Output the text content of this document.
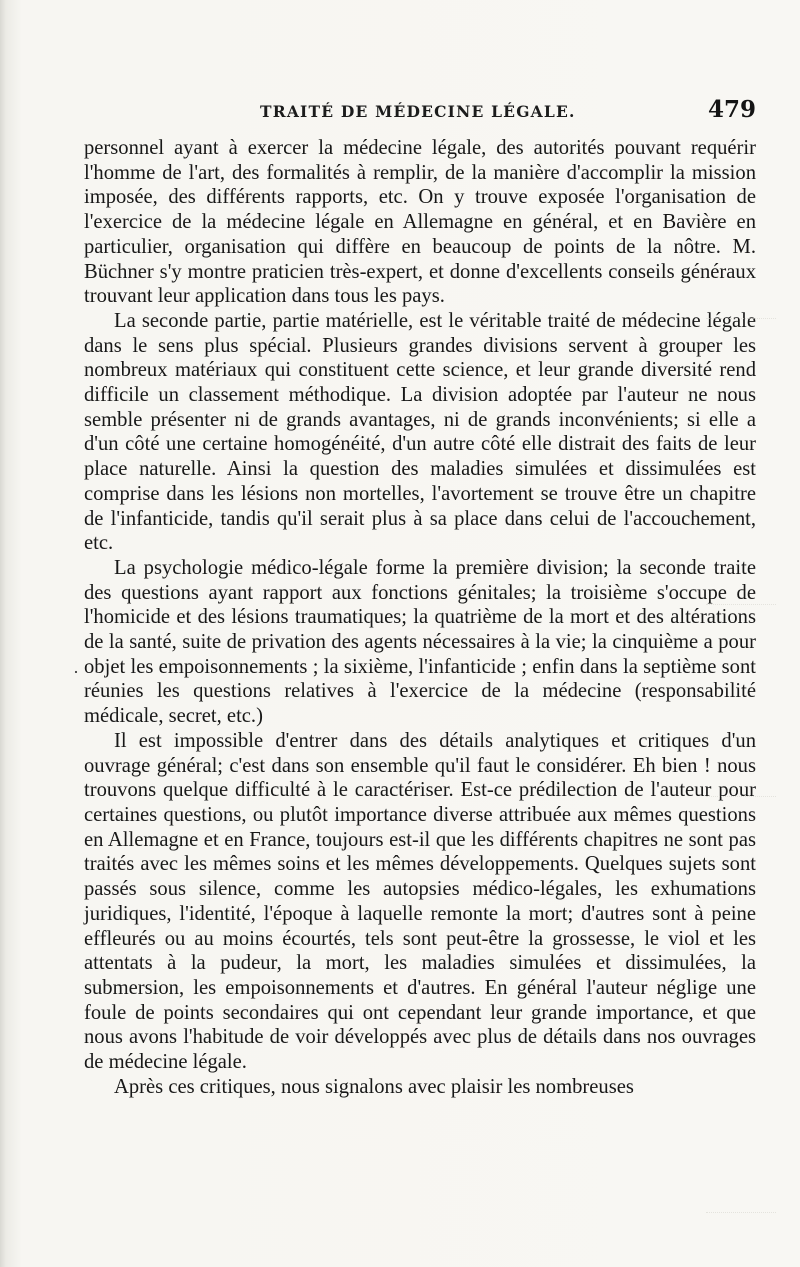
TRAITÉ DE MÉDECINE LÉGALE.	479
·

personnel ayant à exercer la médecine légale, des autorités pouvant requérir l'homme de l'art, des formalités à remplir, de la manière d'accomplir la mission imposée, des différents rapports, etc. On y trouve exposée l'organisation de l'exercice de la médecine légale en Allemagne en général, et en Bavière en particulier, organisation qui diffère en beaucoup de points de la nôtre. M. Büchner s'y montre praticien très-expert, et donne d'excellents conseils généraux trouvant leur application dans tous les pays.

La seconde partie, partie matérielle, est le véritable traité de médecine légale dans le sens plus spécial. Plusieurs grandes divisions servent à grouper les nombreux matériaux qui constituent cette science, et leur grande diversité rend difficile un classement méthodique. La division adoptée par l'auteur ne nous semble présenter ni de grands avantages, ni de grands inconvénients; si elle a d'un côté une certaine homogénéité, d'un autre côté elle distrait des faits de leur place naturelle. Ainsi la question des maladies simulées et dissimulées est comprise dans les lésions non mortelles, l'avortement se trouve être un chapitre de l'infanticide, tandis qu'il serait plus à sa place dans celui de l'accouchement, etc.

La psychologie médico-légale forme la première division; la seconde traite des questions ayant rapport aux fonctions génitales; la troisième s'occupe de l'homicide et des lésions traumatiques; la quatrième de la mort et des altérations de la santé, suite de privation des agents nécessaires à la vie; la cinquième a pour objet les empoisonnements ; la sixième, l'infanticide ; enfin dans la septième sont réunies les questions relatives à l'exercice de la médecine (responsabilité médicale, secret, etc.)

Il est impossible d'entrer dans des détails analytiques et critiques d'un ouvrage général; c'est dans son ensemble qu'il faut le considérer. Eh bien ! nous trouvons quelque difficulté à le caractériser. Est-ce prédilection de l'auteur pour certaines questions, ou plutôt importance diverse attribuée aux mêmes questions en Allemagne et en France, toujours est-il que les différents chapitres ne sont pas traités avec les mêmes soins et les mêmes développements. Quelques sujets sont passés sous silence, comme les autopsies médico-légales, les exhumations juridiques, l'identité, l'époque à laquelle remonte la mort; d'autres sont à peine effleurés ou au moins écourtés, tels sont peut-être la grossesse, le viol et les attentats à la pudeur, la mort, les maladies simulées et dissimulées, la submersion, les empoisonnements et d'autres. En général l'auteur néglige une foule de points secondaires qui ont cependant leur grande importance, et que nous avons l'habitude de voir développés avec plus de détails dans nos ouvrages de médecine légale.

Après ces critiques, nous signalons avec plaisir les nombreuses
